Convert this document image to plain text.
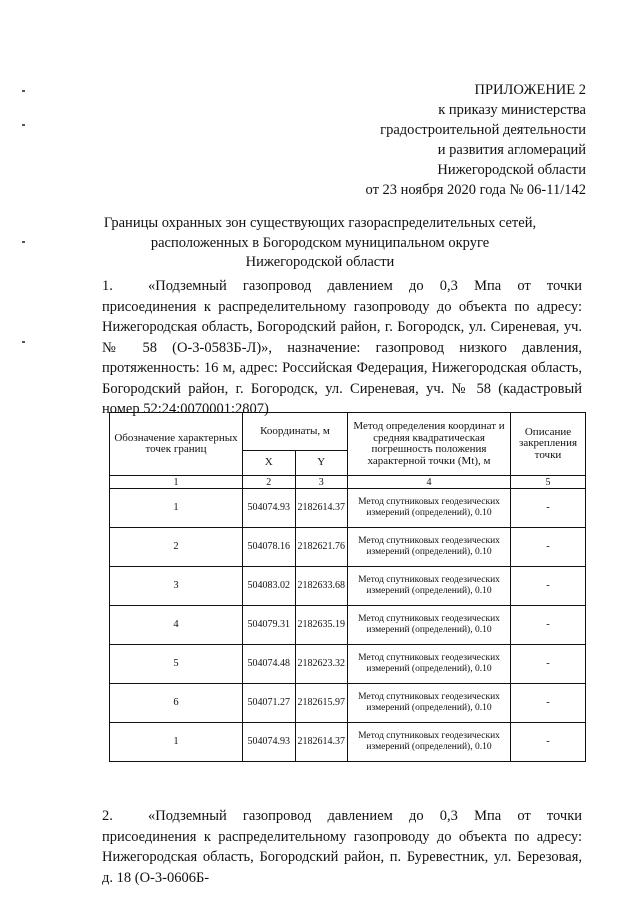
ПРИЛОЖЕНИЕ 2
к приказу министерства
градостроительной деятельности
и развития агломераций
Нижегородской области
от 23 ноября 2020 года № 06-11/142
Границы охранных зон существующих газораспределительных сетей,
расположенных в Богородском муниципальном округе
Нижегородской области

1. «Подземный газопровод давлением до 0,3 Мпа от точки присоединения к распределительному газопроводу до объекта по адресу: Нижегородская область, Богородский район, г. Богородск, ул. Сиреневая, уч. № 58 (О-3-0583Б-Л)», назначение: газопровод низкого давления, протяженность: 16 м, адрес: Российская Федерация, Нижегородская область, Богородский район, г. Богородск, ул. Сиреневая, уч. № 58 (кадастровый номер 52:24:0070001:2807)

Обозначение характерных точек границ	Координаты, м		Метод определения координат и средняя квадратическая погрешность положения характерной точки (Mt), м	Описание закрепления точки
	X	Y		
1	2	3	4	5
1	504074.93	2182614.37	Метод спутниковых геодезических измерений (определений), 0.10	-
2	504078.16	2182621.76	Метод спутниковых геодезических измерений (определений), 0.10	-
3	504083.02	2182633.68	Метод спутниковых геодезических измерений (определений), 0.10	-
4	504079.31	2182635.19	Метод спутниковых геодезических измерений (определений), 0.10	-
5	504074.48	2182623.32	Метод спутниковых геодезических измерений (определений), 0.10	-
6	504071.27	2182615.97	Метод спутниковых геодезических измерений (определений), 0.10	-
1	504074.93	2182614.37	Метод спутниковых геодезических измерений (определений), 0.10	-

2. «Подземный газопровод давлением до 0,3 Мпа от точки присоединения к распределительному газопроводу до объекта по адресу: Нижегородская область, Богородский район, п. Буревестник, ул. Березовая, д. 18 (О-3-0606Б-
